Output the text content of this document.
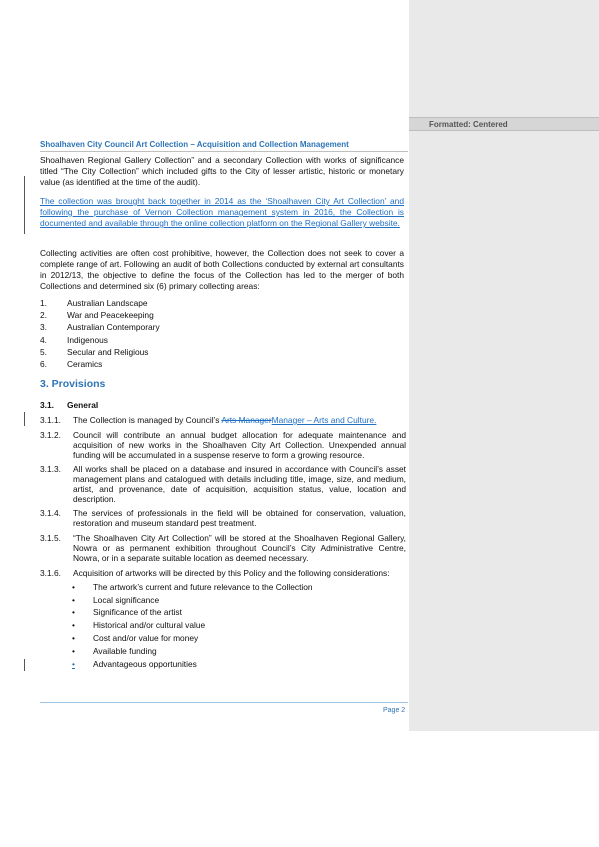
Formatted: Centered
Shoalhaven City Council Art Collection – Acquisition and Collection Management
Shoalhaven Regional Gallery Collection” and a secondary Collection with works of significance titled “The City Collection” which included gifts to the City of lesser artistic, historic or monetary value (as identified at the time of the audit).
The collection was brought back together in 2014 as the ‘Shoalhaven City Art Collection’ and following the purchase of Vernon Collection management system in 2016, the Collection is documented and available through the online collection platform on the Regional Gallery website.
Collecting activities are often cost prohibitive, however, the Collection does not seek to cover a complete range of art. Following an audit of both Collections conducted by external art consultants in 2012/13, the objective to define the focus of the Collection has led to the merger of both Collections and determined six (6) primary collecting areas:
1. Australian Landscape
2. War and Peacekeeping
3. Australian Contemporary
4. Indigenous
5. Secular and Religious
6. Ceramics
3. Provisions
3.1. General
3.1.1. The Collection is managed by Council’s Arts ManagerManager – Arts and Culture.
3.1.2. Council will contribute an annual budget allocation for adequate maintenance and acquisition of new works in the Shoalhaven City Art Collection. Unexpended annual funding will be accumulated in a suspense reserve to form a growing resource.
3.1.3. All works shall be placed on a database and insured in accordance with Council’s asset management plans and catalogued with details including title, image, size, and medium, artist, and provenance, date of acquisition, acquisition status, value, location and description.
3.1.4. The services of professionals in the field will be obtained for conservation, valuation, restoration and museum standard pest treatment.
3.1.5. “The Shoalhaven City Art Collection” will be stored at the Shoalhaven Regional Gallery, Nowra or as permanent exhibition throughout Council’s City Administrative Centre, Nowra, or in a separate suitable location as deemed necessary.
3.1.6. Acquisition of artworks will be directed by this Policy and the following considerations:
• The artwork’s current and future relevance to the Collection
• Local significance
• Significance of the artist
• Historical and/or cultural value
• Cost and/or value for money
• Available funding
• Advantageous opportunities
Page 2
